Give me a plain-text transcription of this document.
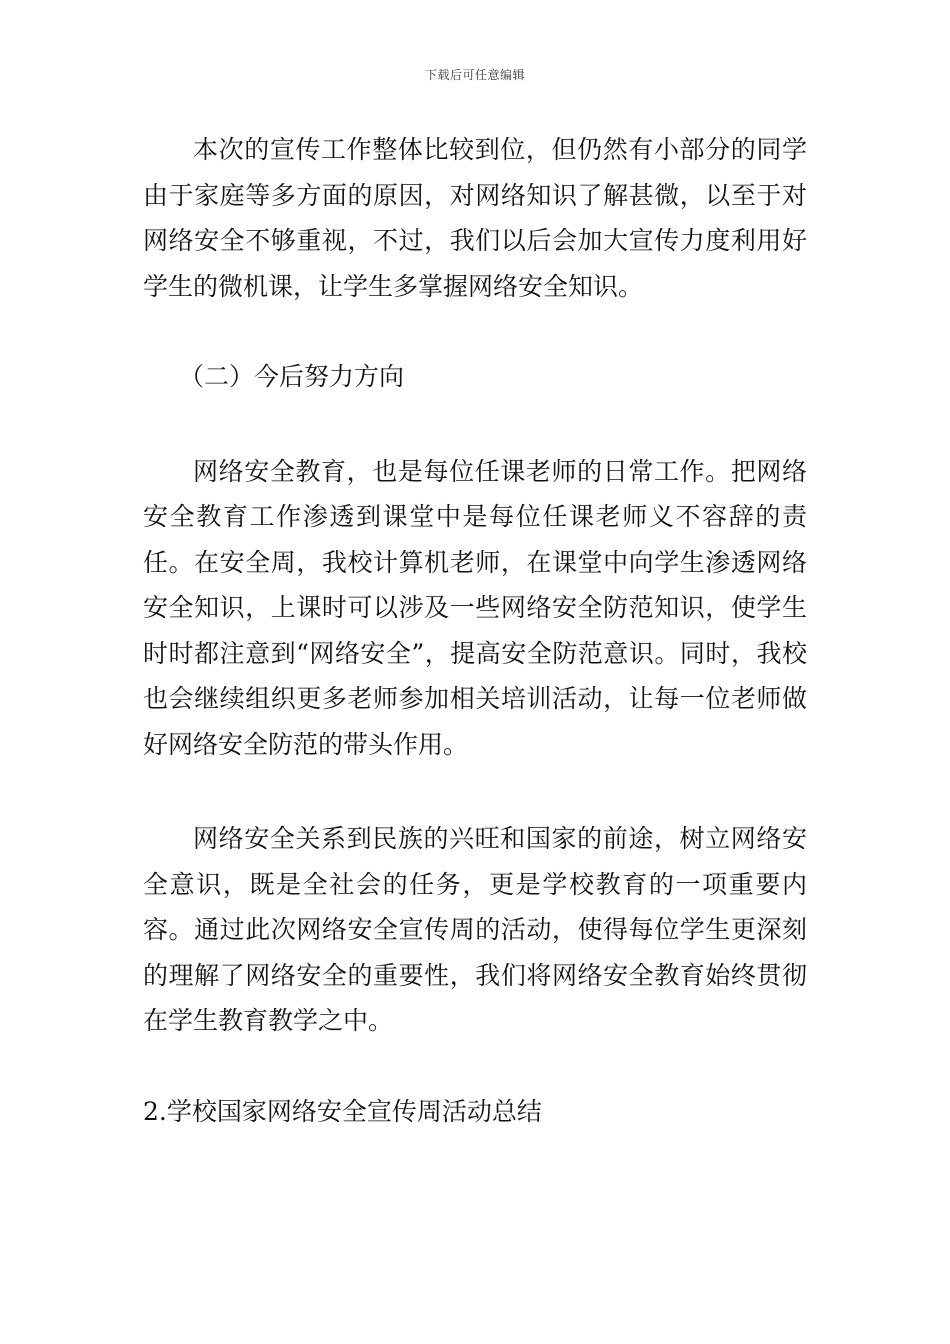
下载后可任意编辑

本次的宣传工作整体比较到位，但仍然有小部分的同学由于家庭等多方面的原因，对网络知识了解甚微，以至于对网络安全不够重视，不过，我们以后会加大宣传力度利用好学生的微机课，让学生多掌握网络安全知识。

（二）今后努力方向

网络安全教育，也是每位任课老师的日常工作。把网络安全教育工作渗透到课堂中是每位任课老师义不容辞的责任。在安全周，我校计算机老师，在课堂中向学生渗透网络安全知识，上课时可以涉及一些网络安全防范知识，使学生时时都注意到“网络安全”，提高安全防范意识。同时，我校也会继续组织更多老师参加相关培训活动，让每一位老师做好网络安全防范的带头作用。

网络安全关系到民族的兴旺和国家的前途，树立网络安全意识，既是全社会的任务，更是学校教育的一项重要内容。通过此次网络安全宣传周的活动，使得每位学生更深刻的理解了网络安全的重要性，我们将网络安全教育始终贯彻在学生教育教学之中。

2.学校国家网络安全宣传周活动总结
